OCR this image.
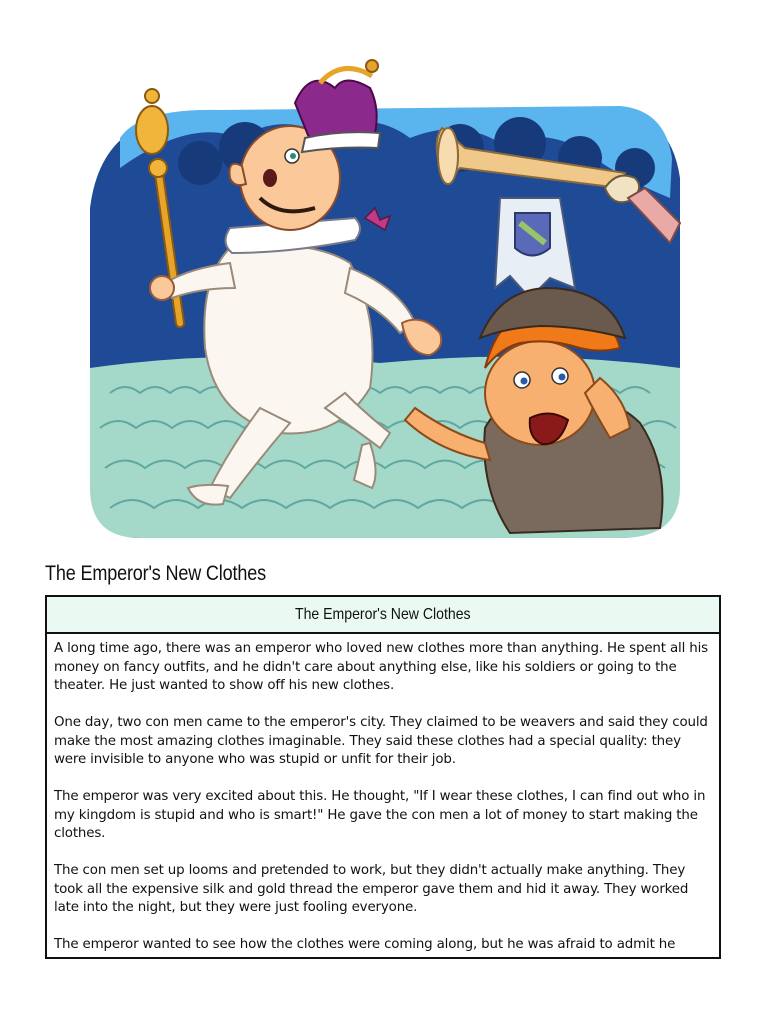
The Emperor's New Clothes
The Emperor's New Clothes

A long time ago, there was an emperor who loved new clothes more than anything. He spent all his money on fancy outfits, and he didn't care about anything else, like his soldiers or going to the theater. He just wanted to show off his new clothes.

One day, two con men came to the emperor's city. They claimed to be weavers and said they could make the most amazing clothes imaginable. They said these clothes had a special quality: they were invisible to anyone who was stupid or unfit for their job.

The emperor was very excited about this. He thought, "If I wear these clothes, I can find out who in my kingdom is stupid and who is smart!" He gave the con men a lot of money to start making the clothes.

The con men set up looms and pretended to work, but they didn't actually make anything. They took all the expensive silk and gold thread the emperor gave them and hid it away. They worked late into the night, but they were just fooling everyone.

The emperor wanted to see how the clothes were coming along, but he was afraid to admit he
